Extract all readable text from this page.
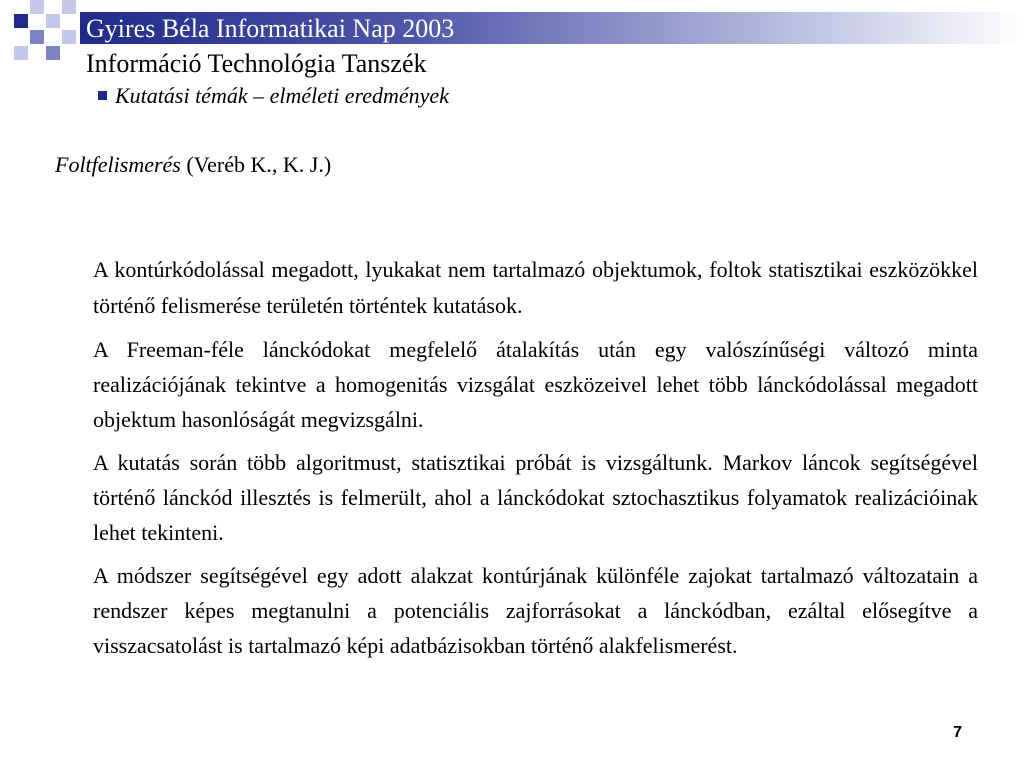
Gyires Béla Informatikai Nap 2003
Információ Technológia Tanszék
Kutatási témák – elméleti eredmények
Foltfelismerés (Veréb K., K. J.)

A kontúrkódolással megadott, lyukakat nem tartalmazó objektumok, foltok statisztikai eszközökkel történő felismerése területén történtek kutatások.

A Freeman-féle lánckódokat megfelelő átalakítás után egy valószínűségi változó minta realizációjának tekintve a homogenitás vizsgálat eszközeivel lehet több lánckódolással megadott objektum hasonlóságát megvizsgálni.

A kutatás során több algoritmust, statisztikai próbát is vizsgáltunk. Markov láncok segítségével történő lánckód illesztés is felmerült, ahol a lánckódokat sztochasztikus folyamatok realizációinak lehet tekinteni.

A módszer segítségével egy adott alakzat kontúrjának különféle zajokat tartalmazó változatain a rendszer képes megtanulni a potenciális zajforrásokat a lánckódban, ezáltal elősegítve a visszacsatolást is tartalmazó képi adatbázisokban történő alakfelismerést.

7
